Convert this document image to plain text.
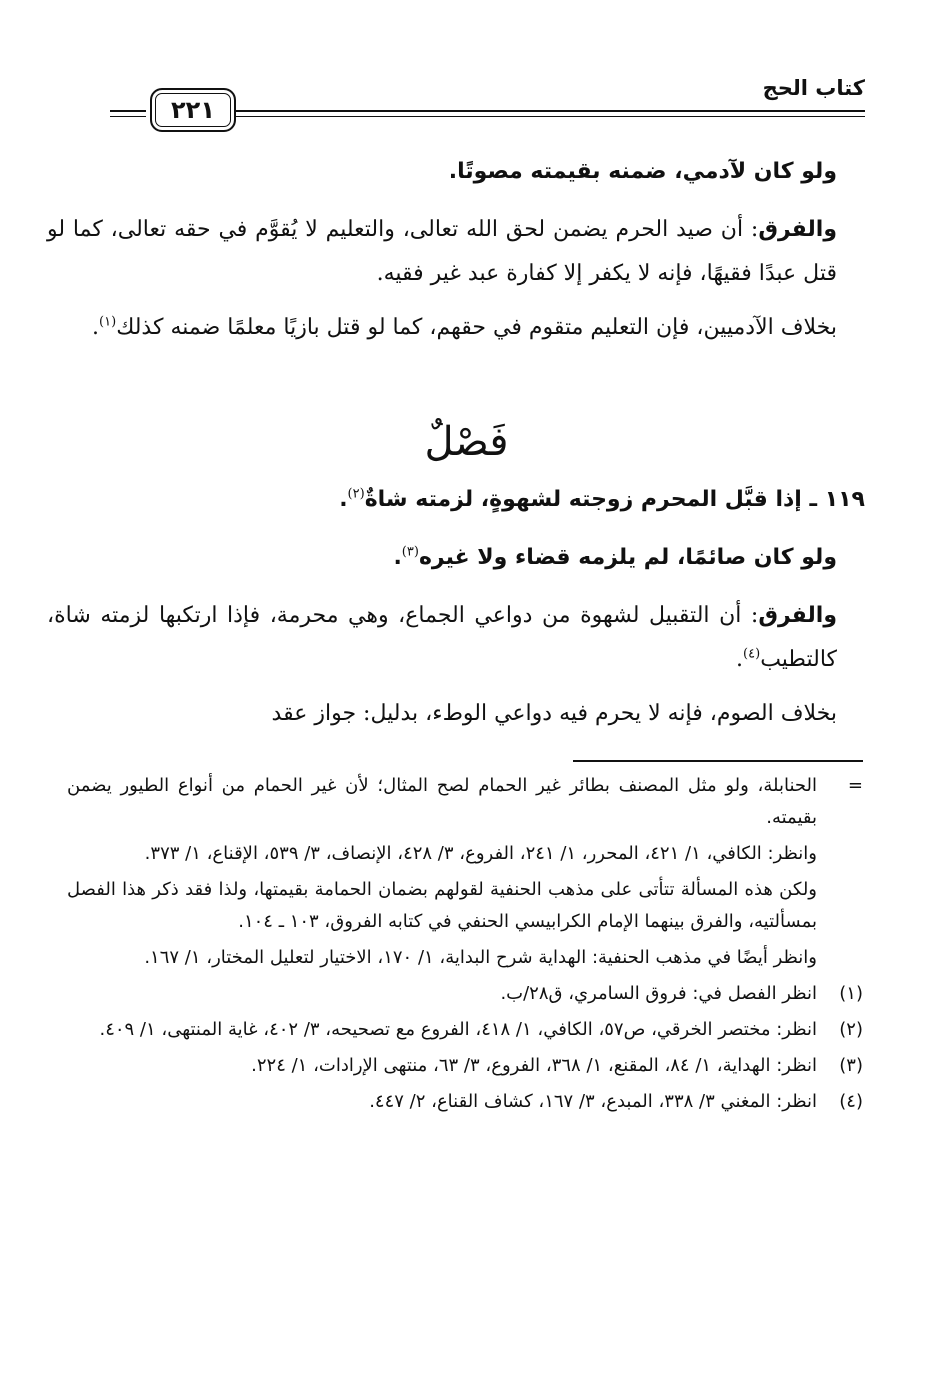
كتاب الحج
٢٢١
ولو كان لآدمي، ضمنه بقيمته مصوتًا.
والفرق: أن صيد الحرم يضمن لحق الله تعالى، والتعليم لا يُقوَّم في حقه تعالى، كما لو قتل عبدًا فقيهًا، فإنه لا يكفر إلا كفارة عبد غير فقيه.
بخلاف الآدميين، فإن التعليم متقوم في حقهم، كما لو قتل بازيًا معلمًا ضمنه كذلك$^{(١)}$.
فَصْلٌ
١١٩ ـ إذا قبَّل المحرم زوجته لشهوةٍ، لزمته شاةٌ$^{(٢)}$.
ولو كان صائمًا، لم يلزمه قضاء ولا غيره$^{(٣)}$.
والفرق: أن التقبيل لشهوة من دواعي الجماع، وهي محرمة، فإذا ارتكبها لزمته شاة، كالتطيب$^{(٤)}$.
بخلاف الصوم، فإنه لا يحرم فيه دواعي الوطء، بدليل: جواز عقد
=
الحنابلة، ولو مثل المصنف بطائر غير الحمام لصح المثال؛ لأن غير الحمام من أنواع الطيور يضمن بقيمته.
وانظر: الكافي، ١/ ٤٢١، المحرر، ١/ ٢٤١، الفروع، ٣/ ٤٢٨، الإنصاف، ٣/ ٥٣٩، الإقناع، ١/ ٣٧٣.
ولكن هذه المسألة تتأتى على مذهب الحنفية لقولهم بضمان الحمامة بقيمتها، ولذا فقد ذكر هذا الفصل بمسألتيه، والفرق بينهما الإمام الكرابيسي الحنفي في كتابه الفروق، ١٠٣ ـ ١٠٤.
وانظر أيضًا في مذهب الحنفية: الهداية شرح البداية، ١/ ١٧٠، الاختيار لتعليل المختار، ١/ ١٦٧.
(١)
انظر الفصل في: فروق السامري، ق٢٨/ب.
(٢)
انظر: مختصر الخرقي، ص٥٧، الكافي، ١/ ٤١٨، الفروع مع تصحيحه، ٣/ ٤٠٢، غاية المنتهى، ١/ ٤٠٩.
(٣)
انظر: الهداية، ١/ ٨٤، المقنع، ١/ ٣٦٨، الفروع، ٣/ ٦٣، منتهى الإرادات، ١/ ٢٢٤.
(٤)
انظر: المغني ٣/ ٣٣٨، المبدع، ٣/ ١٦٧، كشاف القناع، ٢/ ٤٤٧.
